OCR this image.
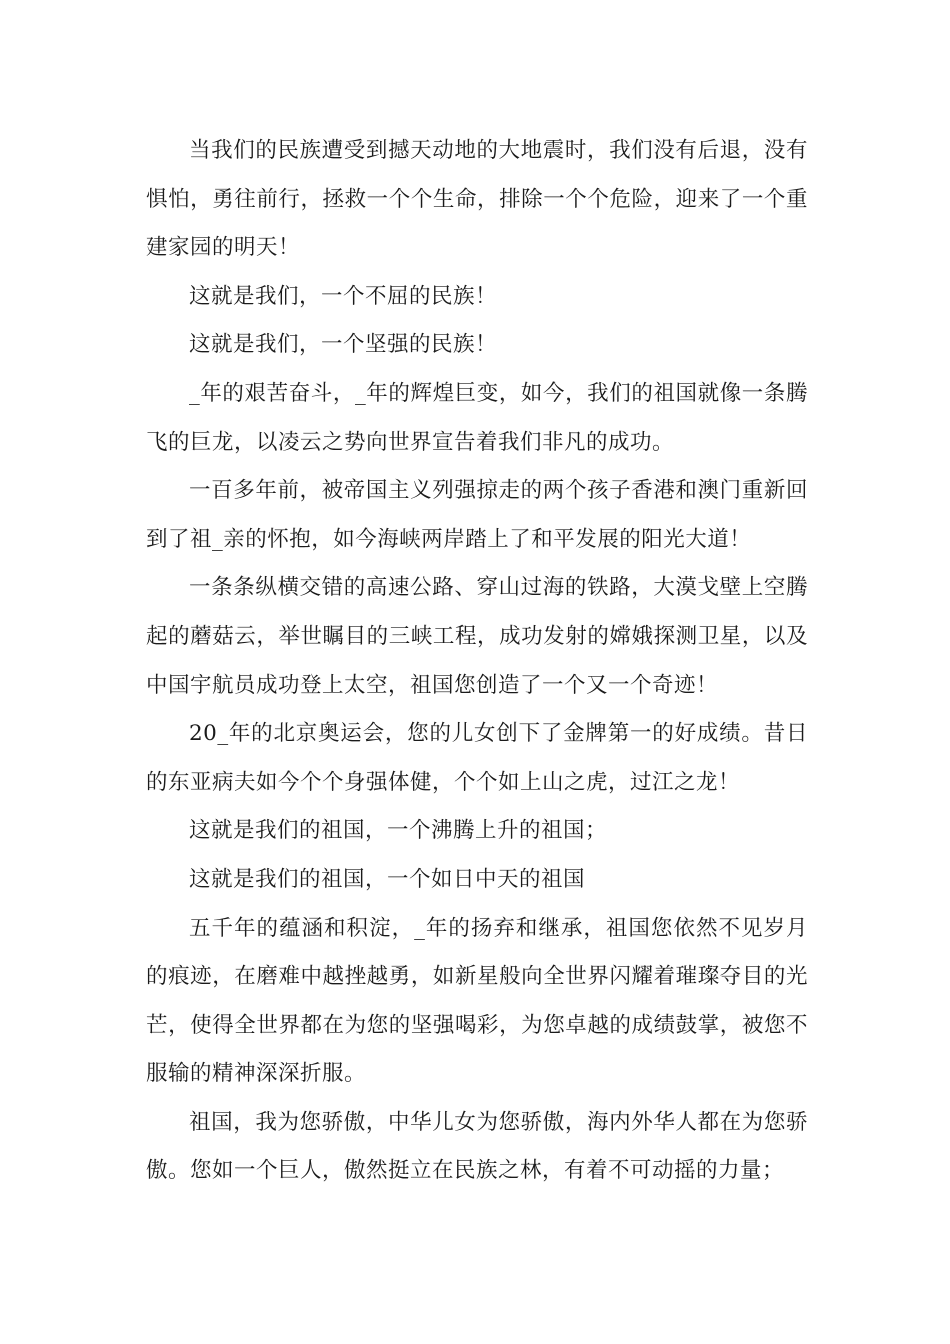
当我们的民族遭受到撼天动地的大地震时，我们没有后退，没有惧怕，勇往前行，拯救一个个生命，排除一个个危险，迎来了一个重建家园的明天！

这就是我们，一个不屈的民族！

这就是我们，一个坚强的民族！

_年的艰苦奋斗，_年的辉煌巨变，如今，我们的祖国就像一条腾飞的巨龙，以凌云之势向世界宣告着我们非凡的成功。

一百多年前，被帝国主义列强掠走的两个孩子香港和澳门重新回到了祖_亲的怀抱，如今海峡两岸踏上了和平发展的阳光大道！

一条条纵横交错的高速公路、穿山过海的铁路，大漠戈壁上空腾起的蘑菇云，举世瞩目的三峡工程，成功发射的嫦娥探测卫星，以及中国宇航员成功登上太空，祖国您创造了一个又一个奇迹！

20_年的北京奥运会，您的儿女创下了金牌第一的好成绩。昔日的东亚病夫如今个个身强体健，个个如上山之虎，过江之龙！

这就是我们的祖国，一个沸腾上升的祖国；

这就是我们的祖国，一个如日中天的祖国

五千年的蕴涵和积淀，_年的扬弃和继承，祖国您依然不见岁月的痕迹，在磨难中越挫越勇，如新星般向全世界闪耀着璀璨夺目的光芒，使得全世界都在为您的坚强喝彩，为您卓越的成绩鼓掌，被您不服输的精神深深折服。

祖国，我为您骄傲，中华儿女为您骄傲，海内外华人都在为您骄傲。您如一个巨人，傲然挺立在民族之林，有着不可动摇的力量；
